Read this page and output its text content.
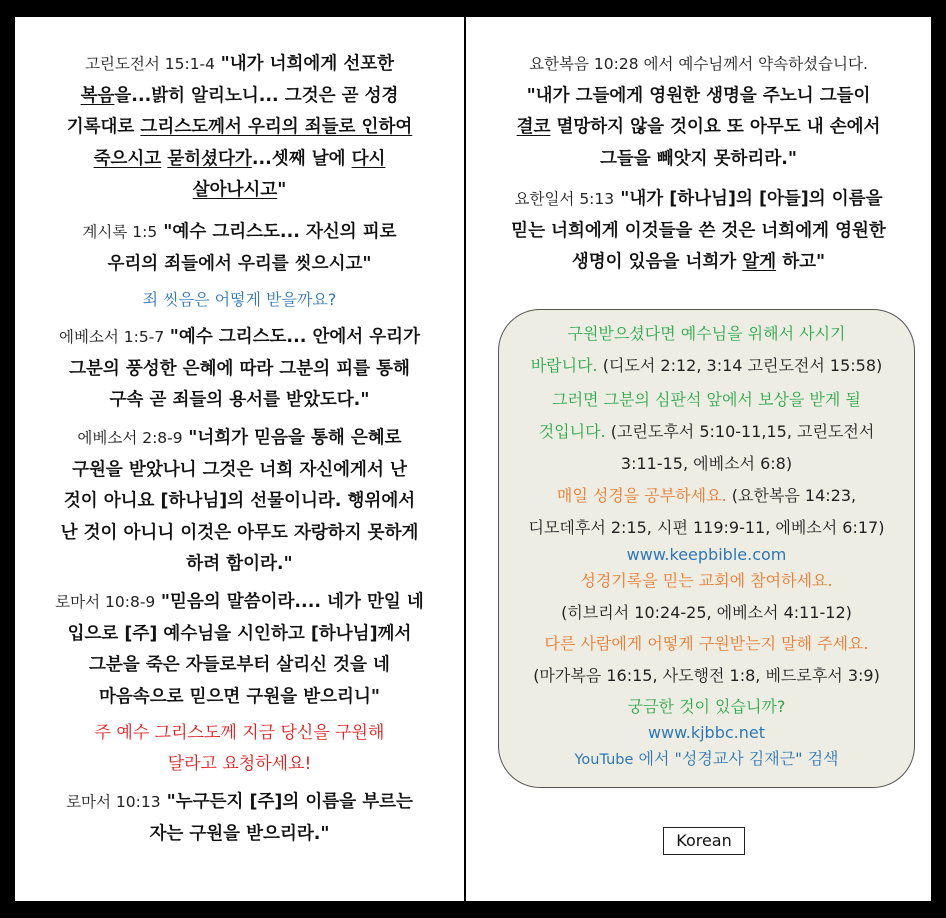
고린도전서 15:1-4 "내가 너희에게 선포한
복음을...밝히 알리노니... 그것은 곧 성경
기록대로 그리스도께서 우리의 죄들로 인하여
죽으시고 묻히셨다가...셋째 날에 다시
살아나시고"
계시록 1:5 "예수 그리스도... 자신의 피로
우리의 죄들에서 우리를 씻으시고"
죄 씻음은 어떻게 받을까요?
에베소서 1:5-7 "예수 그리스도... 안에서 우리가
그분의 풍성한 은혜에 따라 그분의 피를 통해
구속 곧 죄들의 용서를 받았도다."
에베소서 2:8-9 "너희가 믿음을 통해 은혜로
구원을 받았나니 그것은 너희 자신에게서 난
것이 아니요 [하나님]의 선물이니라. 행위에서
난 것이 아니니 이것은 아무도 자랑하지 못하게
하려 함이라."
로마서 10:8-9 "믿음의 말씀이라.... 네가 만일 네
입으로 [주] 예수님을 시인하고 [하나님]께서
그분을 죽은 자들로부터 살리신 것을 네
마음속으로 믿으면 구원을 받으리니"
주 예수 그리스도께 지금 당신을 구원해
달라고 요청하세요!
로마서 10:13 "누구든지 [주]의 이름을 부르는
자는 구원을 받으리라."
요한복음 10:28 에서 예수님께서 약속하셨습니다.
"내가 그들에게 영원한 생명을 주노니 그들이
결코 멸망하지 않을 것이요 또 아무도 내 손에서
그들을 빼앗지 못하리라."
요한일서 5:13 "내가 [하나님]의 [아들]의 이름을
믿는 너희에게 이것들을 쓴 것은 너희에게 영원한
생명이 있음을 너희가 알게 하고"
구원받으셨다면 예수님을 위해서 사시기
바랍니다. (디도서 2:12, 3:14 고린도전서 15:58)
그러면 그분의 심판석 앞에서 보상을 받게 될
것입니다. (고린도후서 5:10-11,15, 고린도전서
3:11-15, 에베소서 6:8)
매일 성경을 공부하세요. (요한복음 14:23,
디모데후서 2:15, 시편 119:9-11, 에베소서 6:17)
www.keepbible.com
성경기록을 믿는 교회에 참여하세요.
(히브리서 10:24-25, 에베소서 4:11-12)
다른 사람에게 어떻게 구원받는지 말해 주세요.
(마가복음 16:15, 사도행전 1:8, 베드로후서 3:9)
궁금한 것이 있습니까?
www.kjbbc.net
YouTube 에서 "성경교사 김재근" 검색
Korean
